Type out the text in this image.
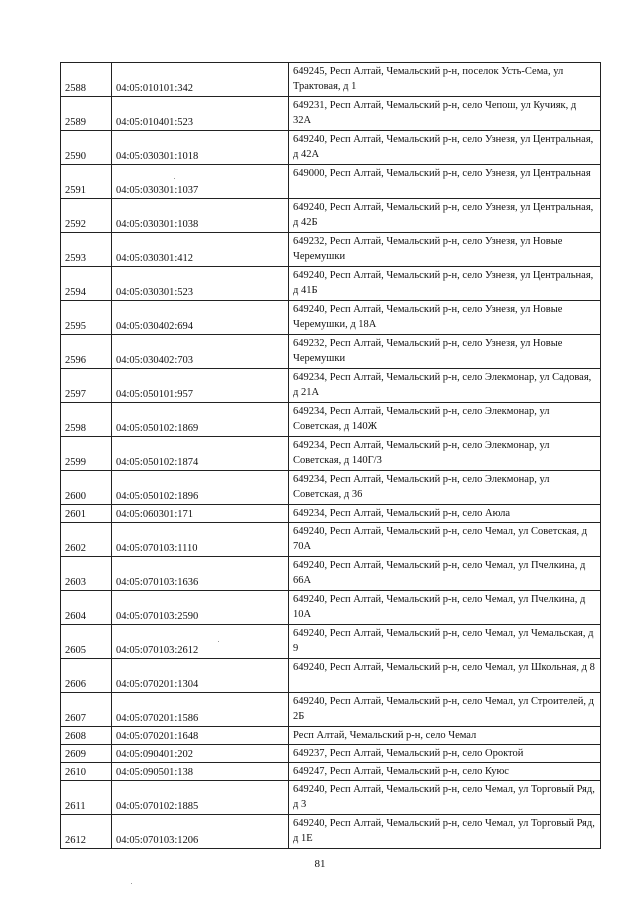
2588	04:05:010101:342	649245, Респ Алтай, Чемальский р-н, поселок Усть-Сема, ул Трактовая, д 1
2589	04:05:010401:523	649231, Респ Алтай, Чемальский р-н, село Чепош, ул Кучияк, д 32А
2590	04:05:030301:1018	649240, Респ Алтай, Чемальский р-н, село Узнезя, ул Центральная, д 42А
2591	04:05:030301:1037	649000, Респ Алтай, Чемальский р-н, село Узнезя, ул Центральная
2592	04:05:030301:1038	649240, Респ Алтай, Чемальский р-н, село Узнезя, ул Центральная, д 42Б
2593	04:05:030301:412	649232, Респ Алтай, Чемальский р-н, село Узнезя, ул Новые Черемушки
2594	04:05:030301:523	649240, Респ Алтай, Чемальский р-н, село Узнезя, ул Центральная, д 41Б
2595	04:05:030402:694	649240, Респ Алтай, Чемальский р-н, село Узнезя, ул Новые Черемушки, д 18А
2596	04:05:030402:703	649232, Респ Алтай, Чемальский р-н, село Узнезя, ул Новые Черемушки
2597	04:05:050101:957	649234, Респ Алтай, Чемальский р-н, село Элекмонар, ул Садовая, д 21А
2598	04:05:050102:1869	649234, Респ Алтай, Чемальский р-н, село Элекмонар, ул Советская, д 140Ж
2599	04:05:050102:1874	649234, Респ Алтай, Чемальский р-н, село Элекмонар, ул Советская, д 140Г/3
2600	04:05:050102:1896	649234, Респ Алтай, Чемальский р-н, село Элекмонар, ул Советская, д 36
2601	04:05:060301:171	649234, Респ Алтай, Чемальский р-н, село Аюла
2602	04:05:070103:1110	649240, Респ Алтай, Чемальский р-н, село Чемал, ул Советская, д 70А
2603	04:05:070103:1636	649240, Респ Алтай, Чемальский р-н, село Чемал, ул Пчелкина, д 66А
2604	04:05:070103:2590	649240, Респ Алтай, Чемальский р-н, село Чемал, ул Пчелкина, д 10А
2605	04:05:070103:2612	649240, Респ Алтай, Чемальский р-н, село Чемал, ул Чемальская, д 9
2606	04:05:070201:1304	649240, Респ Алтай, Чемальский р-н, село Чемал, ул Школьная, д 8
2607	04:05:070201:1586	649240, Респ Алтай, Чемальский р-н, село Чемал, ул Строителей, д 2Б
2608	04:05:070201:1648	Респ Алтай, Чемальский р-н, село Чемал
2609	04:05:090401:202	649237, Респ Алтай, Чемальский р-н, село Ороктой
2610	04:05:090501:138	649247, Респ Алтай, Чемальский р-н, село Куюс
2611	04:05:070102:1885	649240, Респ Алтай, Чемальский р-н, село Чемал, ул Торговый Ряд, д 3
2612	04:05:070103:1206	649240, Респ Алтай, Чемальский р-н, село Чемал, ул Торговый Ряд, д 1Е
81
